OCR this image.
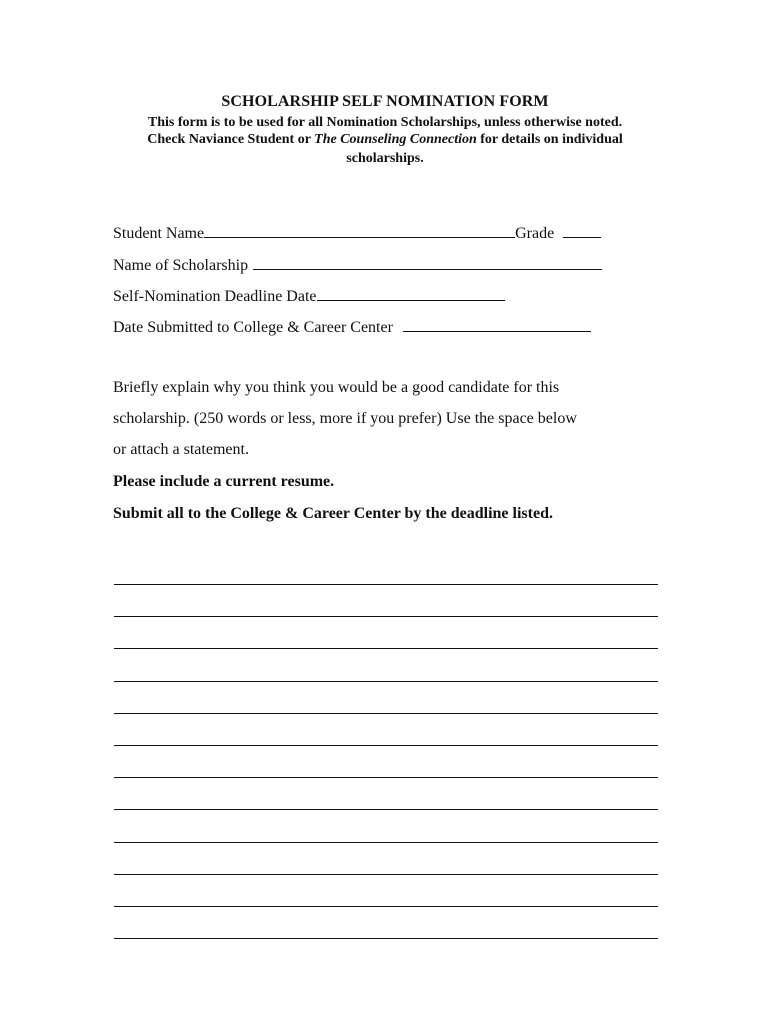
SCHOLARSHIP SELF NOMINATION FORM
This form is to be used for all Nomination Scholarships, unless otherwise noted.
Check Naviance Student or The Counseling Connection for details on individual
scholarships.
Student Name	Grade
Name of Scholarship
Self-Nomination Deadline Date
Date Submitted to College & Career Center
Briefly explain why you think you would be a good candidate for this
scholarship. (250 words or less, more if you prefer) Use the space below
or attach a statement.
Please include a current resume.
Submit all to the College & Career Center by the deadline listed.
